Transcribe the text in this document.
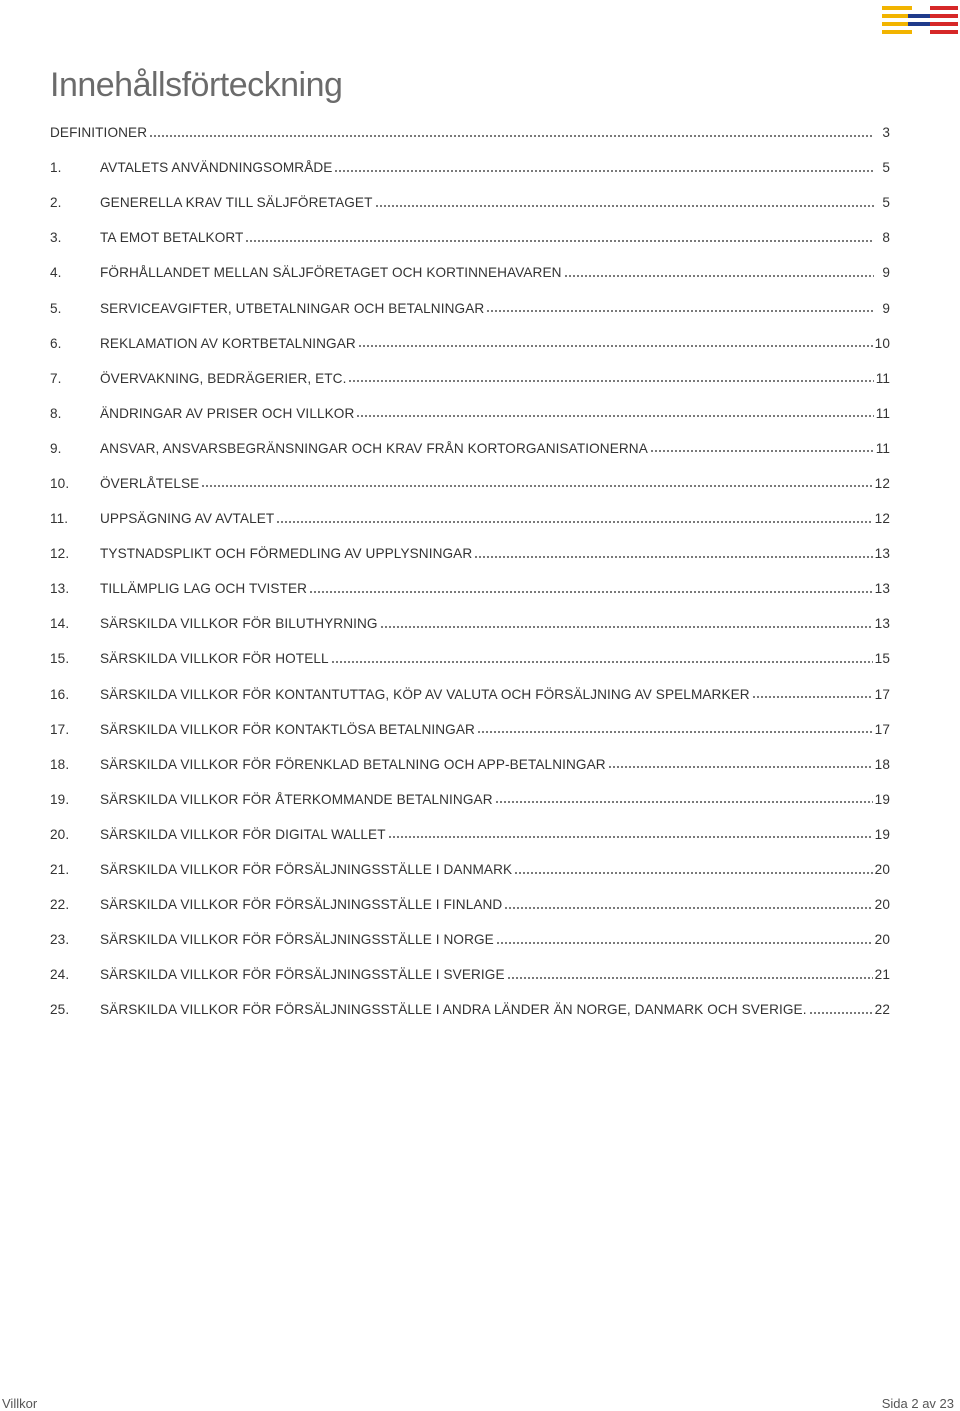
Innehållsförteckning
DEFINITIONER	3
1.	AVTALETS ANVÄNDNINGSOMRÅDE	5
2.	GENERELLA KRAV TILL SÄLJFÖRETAGET	5
3.	TA EMOT BETALKORT	8
4.	FÖRHÅLLANDET MELLAN SÄLJFÖRETAGET OCH KORTINNEHAVAREN	9
5.	SERVICEAVGIFTER, UTBETALNINGAR OCH BETALNINGAR	9
6.	REKLAMATION AV KORTBETALNINGAR	10
7.	ÖVERVAKNING, BEDRÄGERIER, ETC.	11
8.	ÄNDRINGAR AV PRISER OCH VILLKOR	11
9.	ANSVAR, ANSVARSBEGRÄNSNINGAR OCH KRAV FRÅN KORTORGANISATIONERNA	11
10.	ÖVERLÅTELSE	12
11.	UPPSÄGNING AV AVTALET	12
12.	TYSTNADSPLIKT OCH FÖRMEDLING AV UPPLYSNINGAR	13
13.	TILLÄMPLIG LAG OCH TVISTER	13
14.	SÄRSKILDA VILLKOR FÖR BILUTHYRNING	13
15.	SÄRSKILDA VILLKOR FÖR HOTELL	15
16.	SÄRSKILDA VILLKOR FÖR KONTANTUTTAG, KÖP AV VALUTA OCH FÖRSÄLJNING AV SPELMARKER	17
17.	SÄRSKILDA VILLKOR FÖR KONTAKTLÖSA BETALNINGAR	17
18.	SÄRSKILDA VILLKOR FÖR FÖRENKLAD BETALNING OCH APP-BETALNINGAR	18
19.	SÄRSKILDA VILLKOR FÖR ÅTERKOMMANDE BETALNINGAR	19
20.	SÄRSKILDA VILLKOR FÖR DIGITAL WALLET	19
21.	SÄRSKILDA VILLKOR FÖR FÖRSÄLJNINGSSTÄLLE I DANMARK	20
22.	SÄRSKILDA VILLKOR FÖR FÖRSÄLJNINGSSTÄLLE I FINLAND	20
23.	SÄRSKILDA VILLKOR FÖR FÖRSÄLJNINGSSTÄLLE I NORGE	20
24.	SÄRSKILDA VILLKOR FÖR FÖRSÄLJNINGSSTÄLLE I SVERIGE	21
25.	SÄRSKILDA VILLKOR FÖR FÖRSÄLJNINGSSTÄLLE I ANDRA LÄNDER ÄN NORGE, DANMARK OCH SVERIGE.	22
Villkor	Sida 2 av 23
